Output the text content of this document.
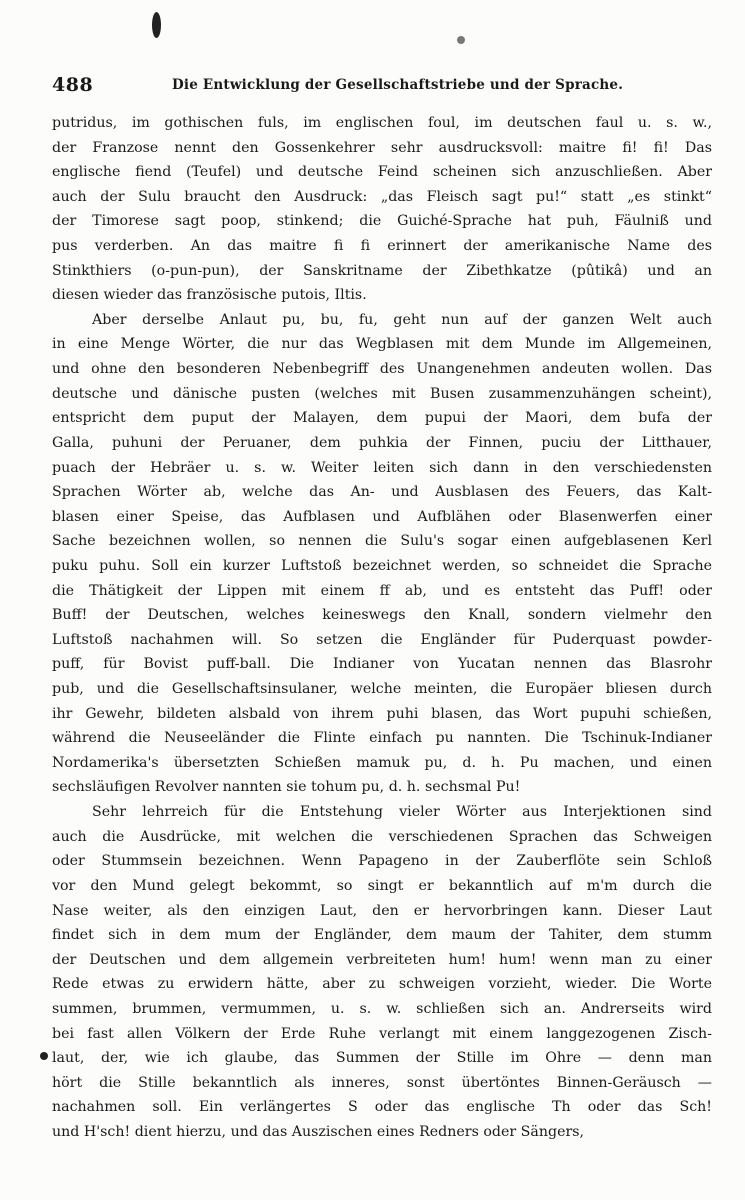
488	Die Entwicklung der Gesellschaftstriebe und der Sprache.
putridus, im gothischen fuls, im englischen foul, im deutschen faul u. s. w.,
der Franzose nennt den Gossenkehrer sehr ausdrucksvoll: maitre fi! fi! Das
englische fiend (Teufel) und deutsche Feind scheinen sich anzuschließen. Aber
auch der Sulu braucht den Ausdruck: „das Fleisch sagt pu!“ statt „es stinkt“
der Timorese sagt poop, stinkend; die Guiché-Sprache hat puh, Fäulniß und
pus verderben. An das maitre fi fi erinnert der amerikanische Name des
Stinkthiers (o-pun-pun), der Sanskritname der Zibethkatze (pûtikâ) und an
diesen wieder das französische putois, Iltis.
Aber derselbe Anlaut pu, bu, fu, geht nun auf der ganzen Welt auch
in eine Menge Wörter, die nur das Wegblasen mit dem Munde im Allgemeinen,
und ohne den besonderen Nebenbegriff des Unangenehmen andeuten wollen. Das
deutsche und dänische pusten (welches mit Busen zusammenzuhängen scheint),
entspricht dem puput der Malayen, dem pupui der Maori, dem bufa der
Galla, puhuni der Peruaner, dem puhkia der Finnen, puciu der Litthauer,
puach der Hebräer u. s. w. Weiter leiten sich dann in den verschiedensten
Sprachen Wörter ab, welche das An- und Ausblasen des Feuers, das Kalt-
blasen einer Speise, das Aufblasen und Aufblähen oder Blasenwerfen einer
Sache bezeichnen wollen, so nennen die Sulu's sogar einen aufgeblasenen Kerl
puku puhu. Soll ein kurzer Luftstoß bezeichnet werden, so schneidet die Sprache
die Thätigkeit der Lippen mit einem ff ab, und es entsteht das Puff! oder
Buff! der Deutschen, welches keineswegs den Knall, sondern vielmehr den
Luftstoß nachahmen will. So setzen die Engländer für Puderquast powder-
puff, für Bovist puff-ball. Die Indianer von Yucatan nennen das Blasrohr
pub, und die Gesellschaftsinsulaner, welche meinten, die Europäer bliesen durch
ihr Gewehr, bildeten alsbald von ihrem puhi blasen, das Wort pupuhi schießen,
während die Neuseeländer die Flinte einfach pu nannten. Die Tschinuk-Indianer
Nordamerika's übersetzten Schießen mamuk pu, d. h. Pu machen, und einen
sechsläufigen Revolver nannten sie tohum pu, d. h. sechsmal Pu!
Sehr lehrreich für die Entstehung vieler Wörter aus Interjektionen sind
auch die Ausdrücke, mit welchen die verschiedenen Sprachen das Schweigen
oder Stummsein bezeichnen. Wenn Papageno in der Zauberflöte sein Schloß
vor den Mund gelegt bekommt, so singt er bekanntlich auf m'm durch die
Nase weiter, als den einzigen Laut, den er hervorbringen kann. Dieser Laut
findet sich in dem mum der Engländer, dem maum der Tahiter, dem stumm
der Deutschen und dem allgemein verbreiteten hum! hum! wenn man zu einer
Rede etwas zu erwidern hätte, aber zu schweigen vorzieht, wieder. Die Worte
summen, brummen, vermummen, u. s. w. schließen sich an. Andrerseits wird
bei fast allen Völkern der Erde Ruhe verlangt mit einem langgezogenen Zisch-
laut, der, wie ich glaube, das Summen der Stille im Ohre — denn man
hört die Stille bekanntlich als inneres, sonst übertöntes Binnen-Geräusch —
nachahmen soll. Ein verlängertes S oder das englische Th oder das Sch!
und H'sch! dient hierzu, und das Auszischen eines Redners oder Sängers,
